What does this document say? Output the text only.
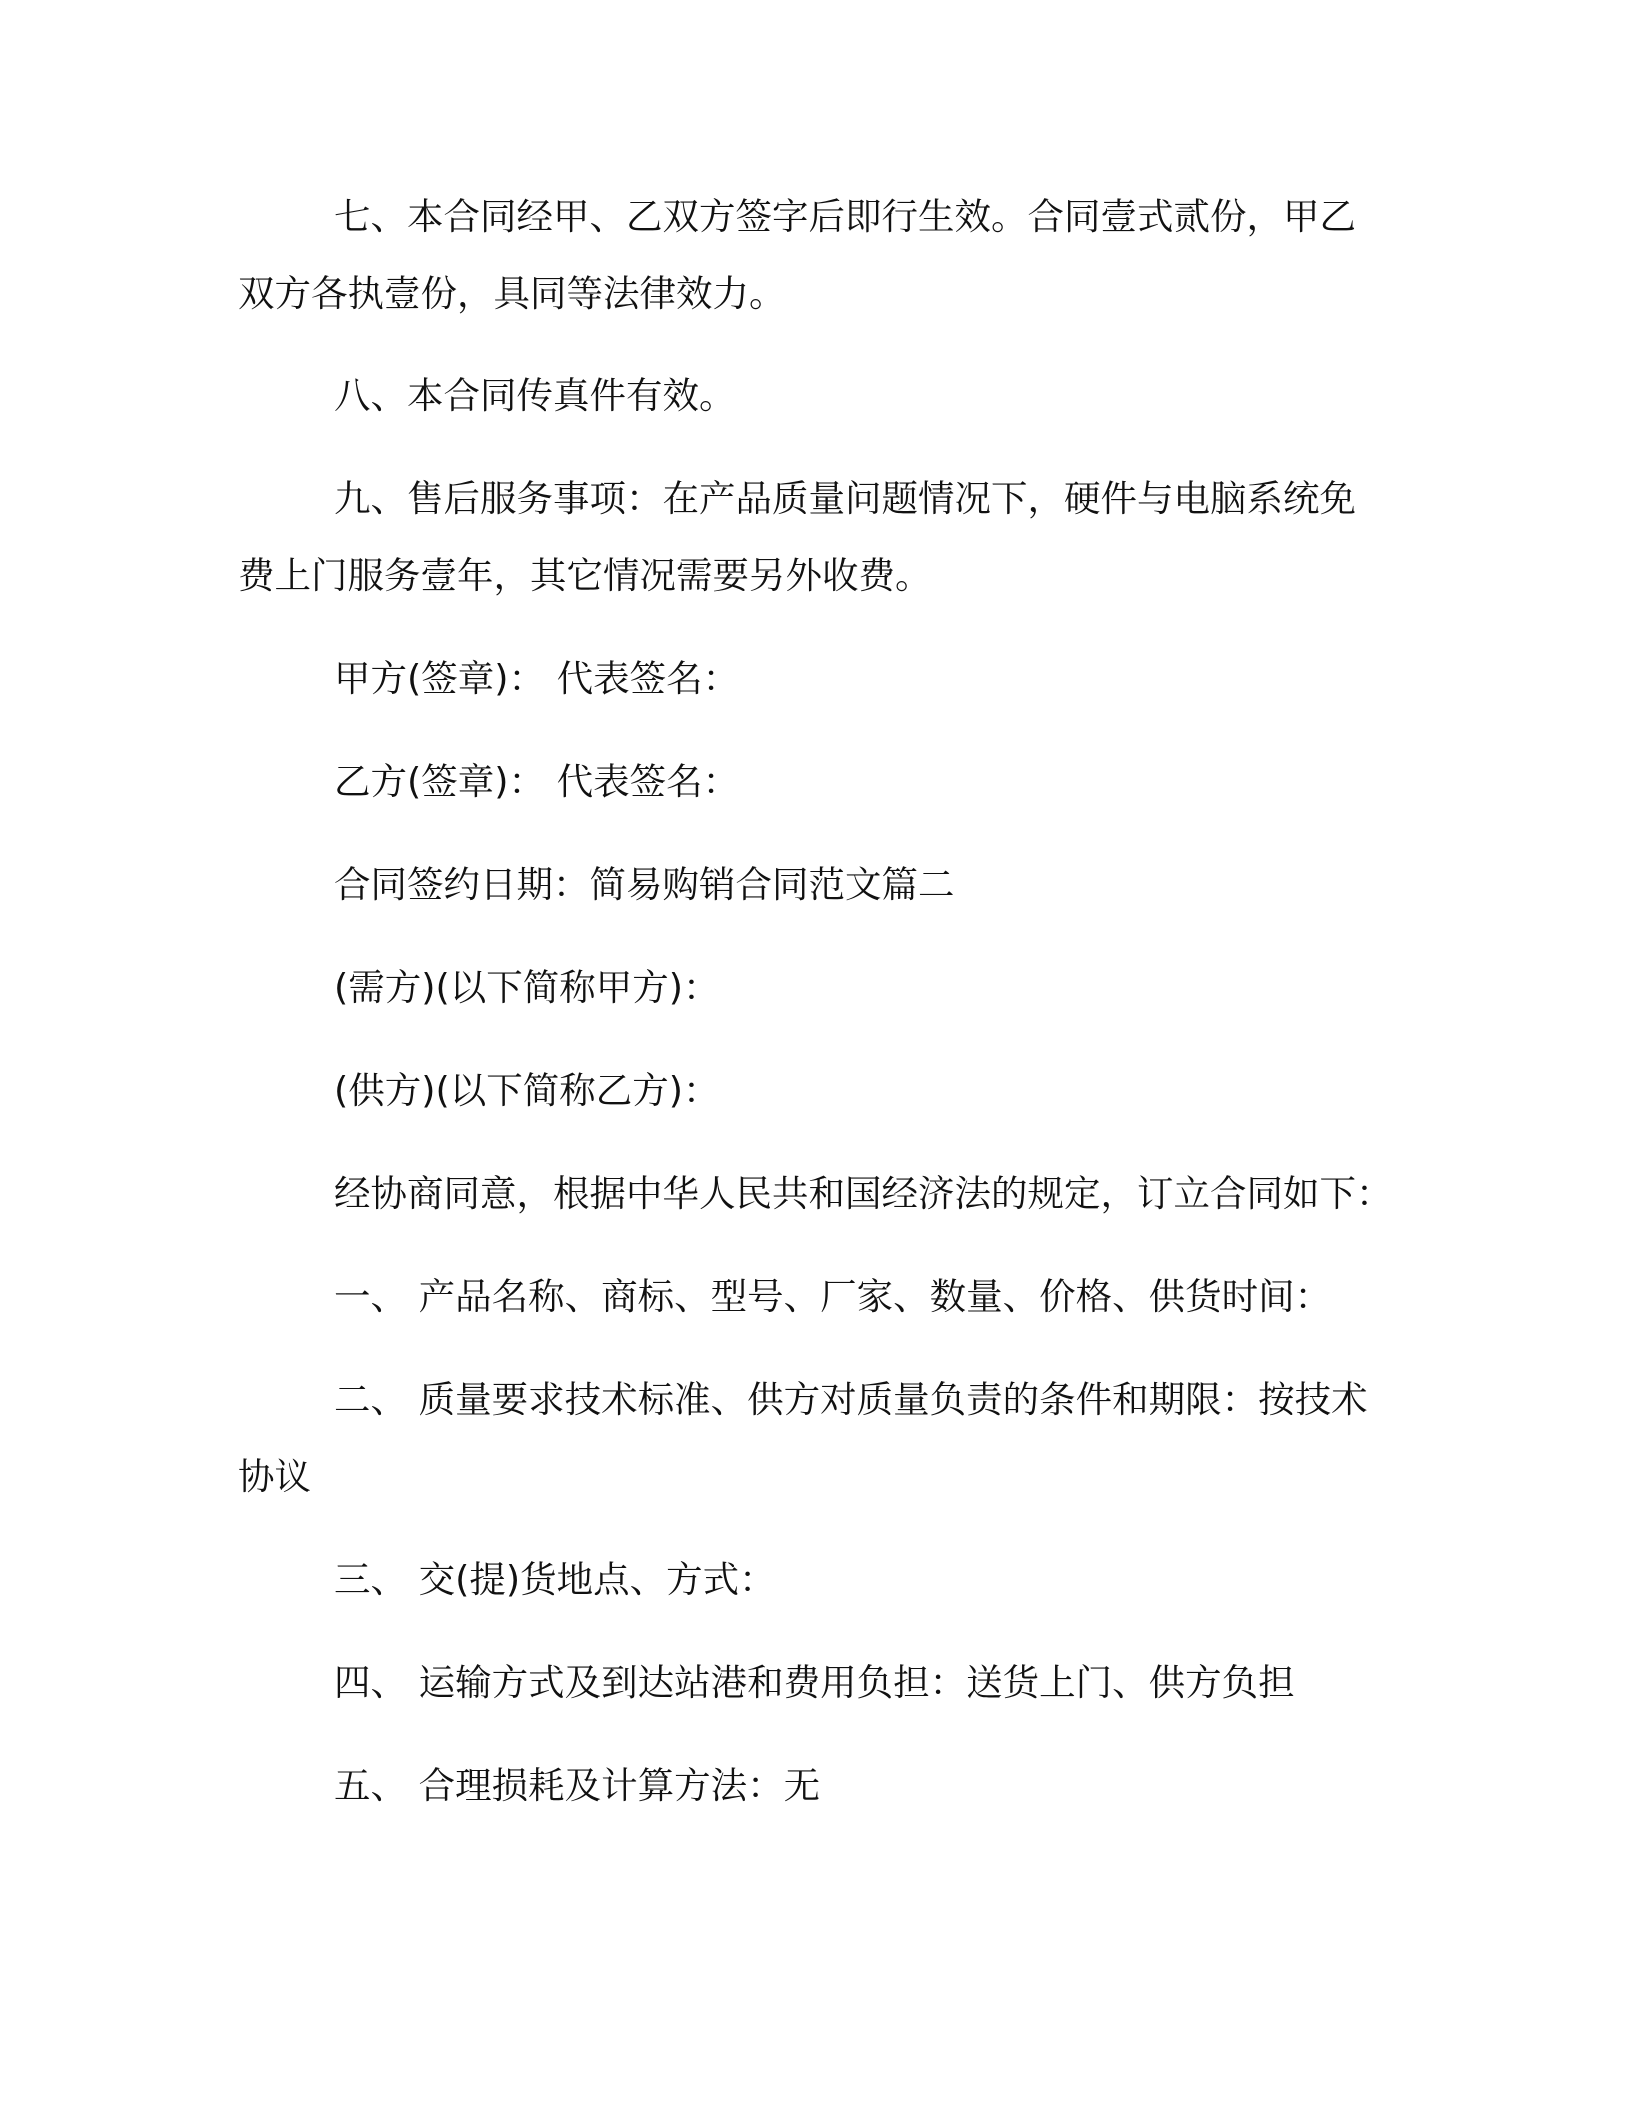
七、本合同经甲、乙双方签字后即行生效。合同壹式贰份，甲乙
双方各执壹份，具同等法律效力。

八、本合同传真件有效。

九、售后服务事项：在产品质量问题情况下，硬件与电脑系统免
费上门服务壹年，其它情况需要另外收费。

甲方(签章)： 代表签名：

乙方(签章)： 代表签名：

合同签约日期：简易购销合同范文篇二

(需方)(以下简称甲方)：

(供方)(以下简称乙方)：

经协商同意，根据中华人民共和国经济法的规定，订立合同如下：

一、 产品名称、商标、型号、厂家、数量、价格、供货时间：

二、 质量要求技术标准、供方对质量负责的条件和期限：按技术
协议

三、 交(提)货地点、方式：

四、 运输方式及到达站港和费用负担：送货上门、供方负担

五、 合理损耗及计算方法：无
